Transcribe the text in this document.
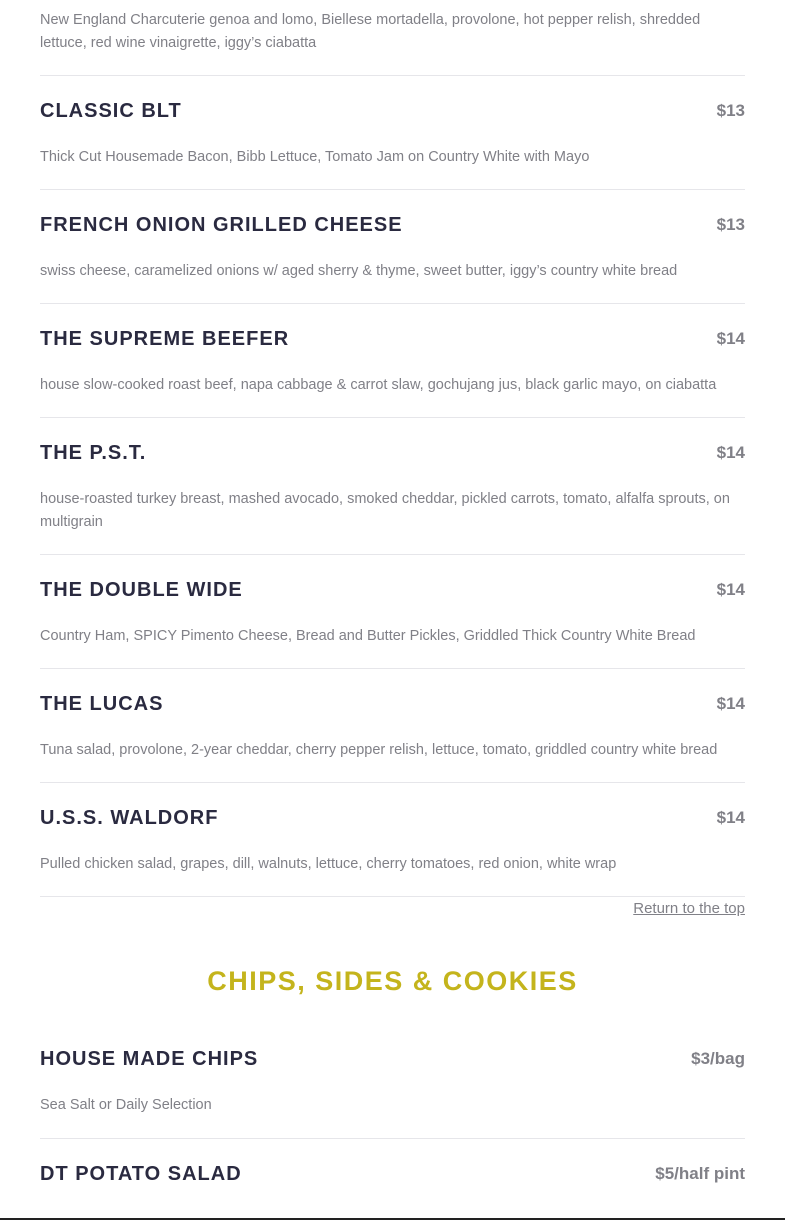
New England Charcuterie genoa and lomo, Biellese mortadella, provolone, hot pepper relish, shredded lettuce, red wine vinaigrette, iggy’s ciabatta
CLASSIC BLT	$13
Thick Cut Housemade Bacon, Bibb Lettuce, Tomato Jam on Country White with Mayo
FRENCH ONION GRILLED CHEESE	$13
swiss cheese, caramelized onions w/ aged sherry & thyme, sweet butter, iggy’s country white bread
THE SUPREME BEEFER	$14
house slow-cooked roast beef, napa cabbage & carrot slaw, gochujang jus, black garlic mayo, on ciabatta
THE P.S.T.	$14
house-roasted turkey breast, mashed avocado, smoked cheddar, pickled carrots, tomato, alfalfa sprouts, on multigrain
THE DOUBLE WIDE	$14
Country Ham, SPICY Pimento Cheese, Bread and Butter Pickles, Griddled Thick Country White Bread
THE LUCAS	$14
Tuna salad, provolone, 2-year cheddar, cherry pepper relish, lettuce, tomato, griddled country white bread
U.S.S. WALDORF	$14
Pulled chicken salad, grapes, dill, walnuts, lettuce, cherry tomatoes, red onion, white wrap
Return to the top
CHIPS, SIDES & COOKIES
HOUSE MADE CHIPS	$3/bag
Sea Salt or Daily Selection
DT POTATO SALAD	$5/half pint
